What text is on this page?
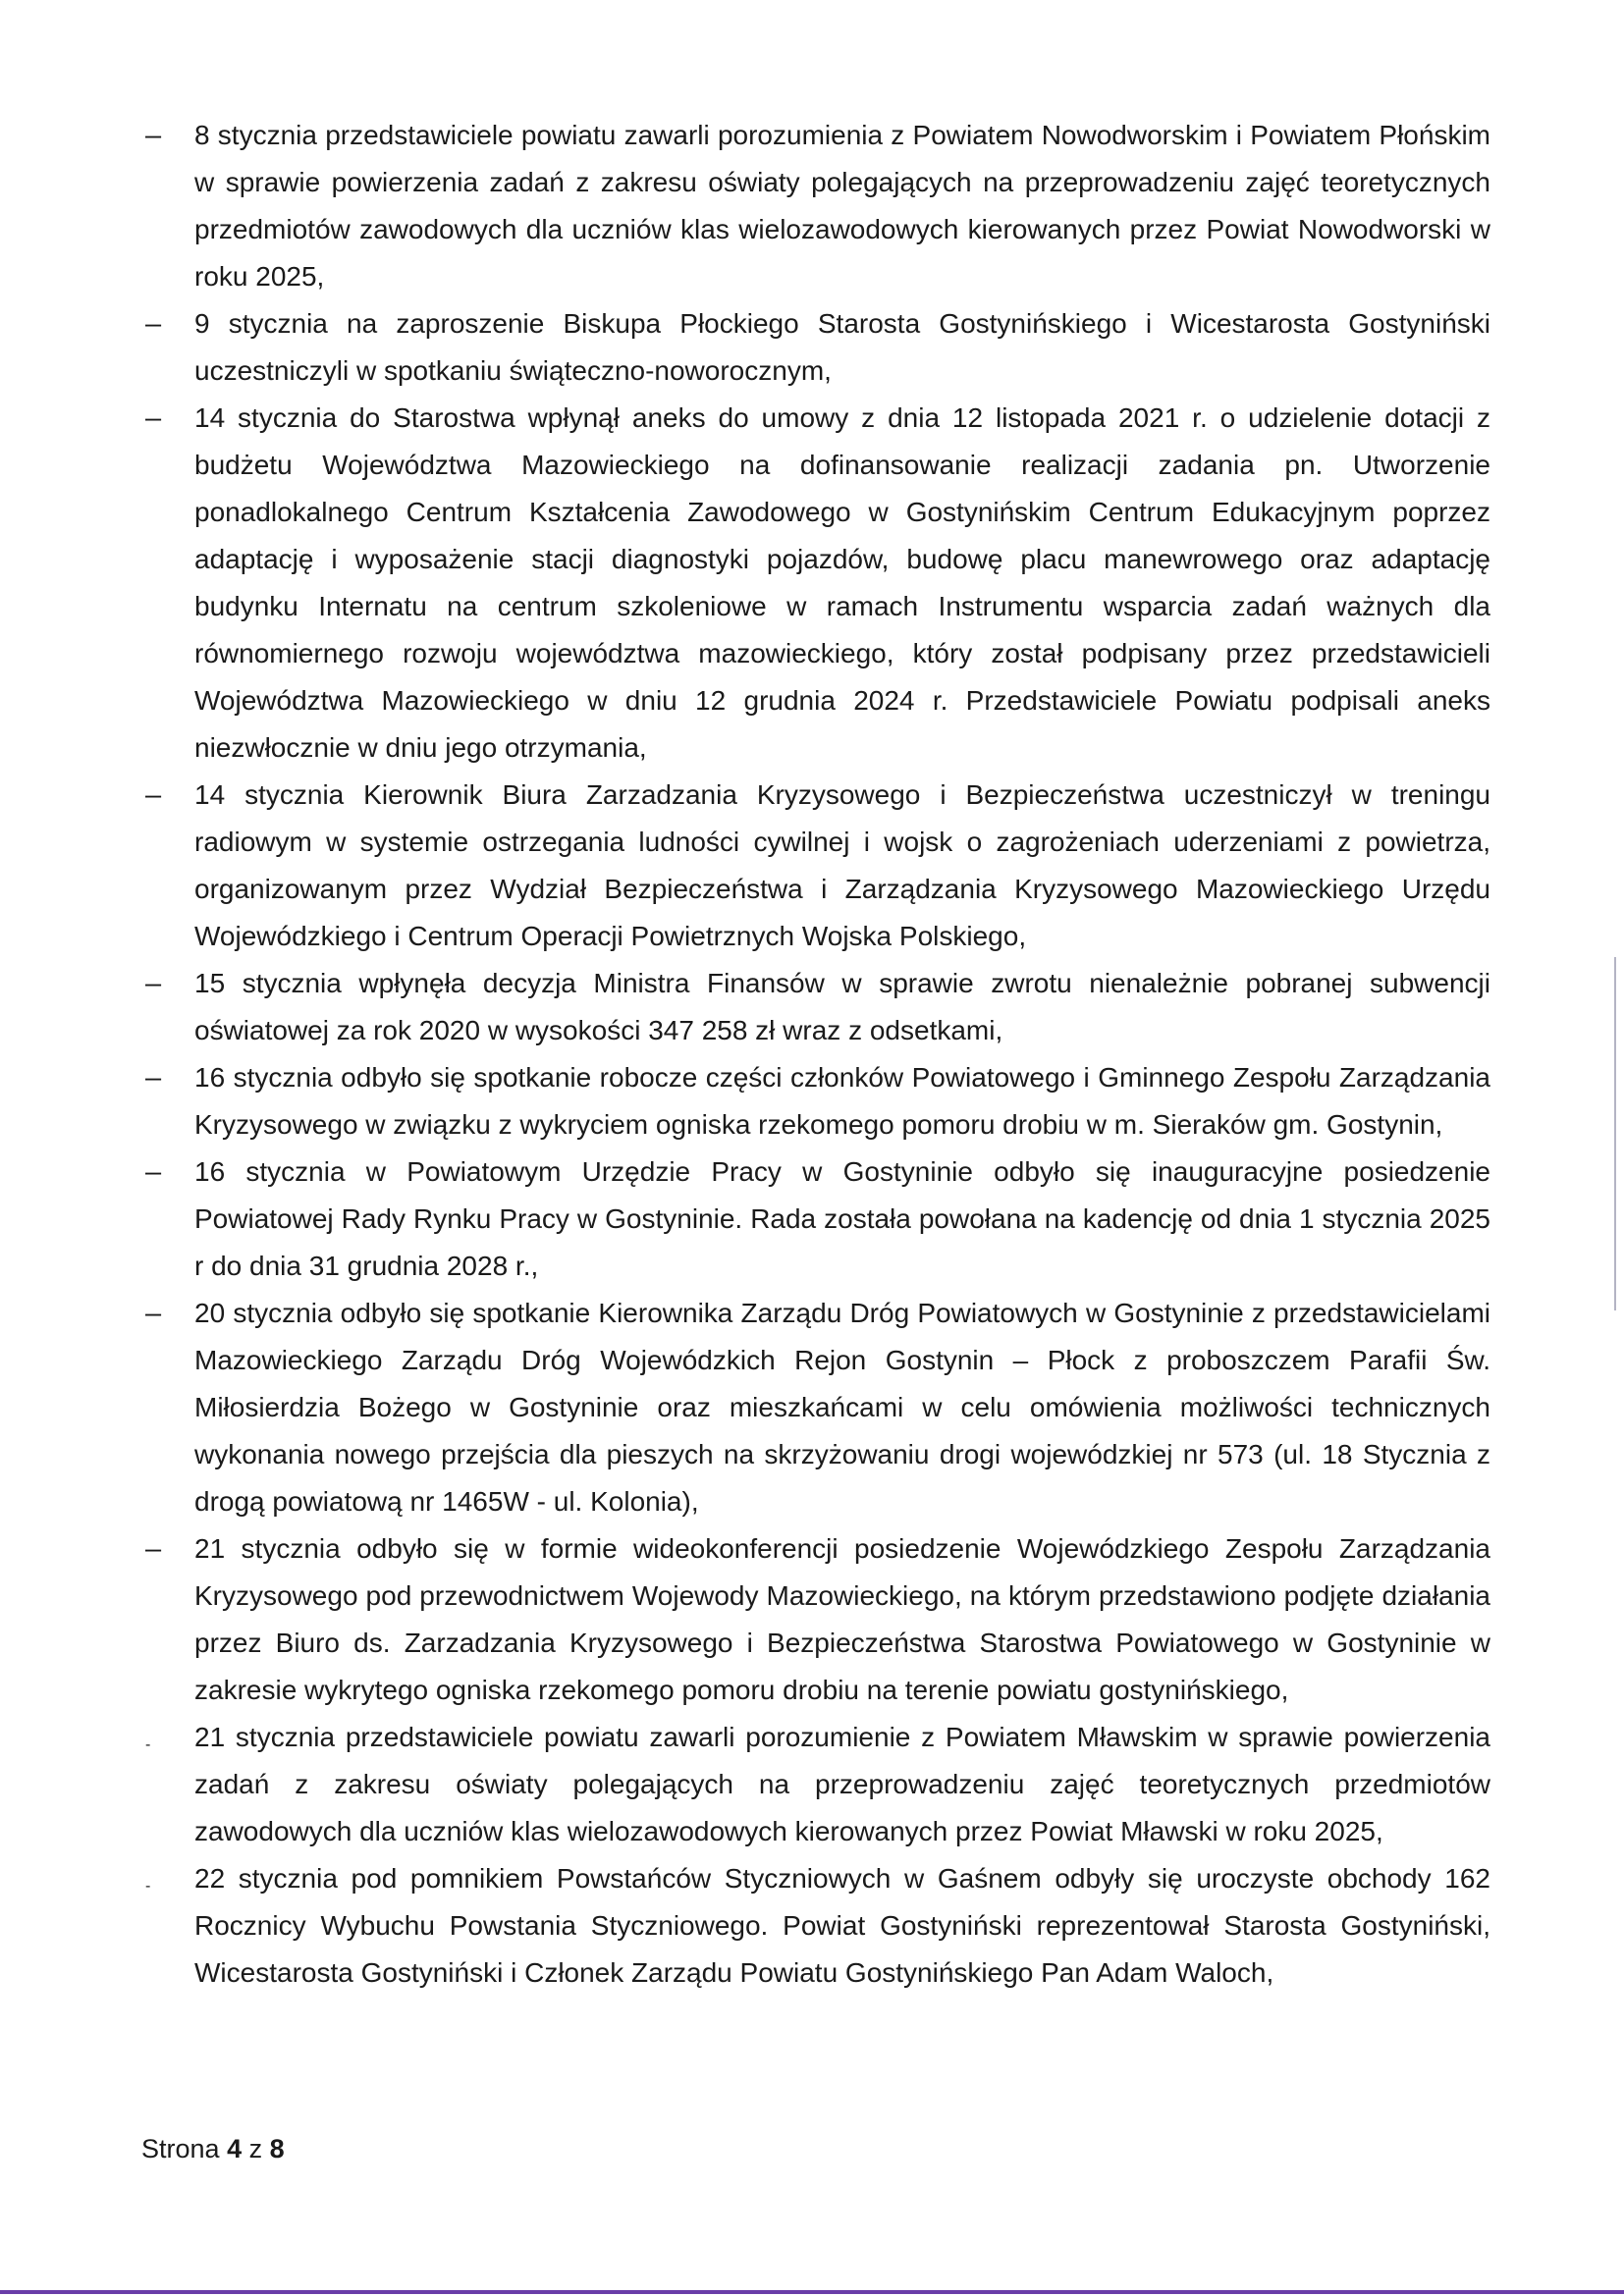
–	8 stycznia przedstawiciele powiatu zawarli porozumienia z Powiatem Nowodworskim i Powiatem Płońskim w sprawie powierzenia zadań z zakresu oświaty polegających na przeprowadzeniu zajęć teoretycznych przedmiotów zawodowych dla uczniów klas wielozawodowych kierowanych przez Powiat Nowodworski w roku 2025,
–	9 stycznia na zaproszenie Biskupa Płockiego Starosta Gostynińskiego i Wicestarosta Gostyniński uczestniczyli w spotkaniu świąteczno-noworocznym,
–	14 stycznia do Starostwa wpłynął aneks do umowy z dnia 12 listopada 2021 r. o udzielenie dotacji z budżetu Województwa Mazowieckiego na dofinansowanie realizacji zadania pn. Utworzenie ponadlokalnego Centrum Kształcenia Zawodowego w Gostynińskim Centrum Edukacyjnym poprzez adaptację i wyposażenie stacji diagnostyki pojazdów, budowę placu manewrowego oraz adaptację budynku Internatu na centrum szkoleniowe w ramach Instrumentu wsparcia zadań ważnych dla równomiernego rozwoju województwa mazowieckiego, który został podpisany przez przedstawicieli Województwa Mazowieckiego w dniu 12 grudnia 2024 r. Przedstawiciele Powiatu podpisali aneks niezwłocznie w dniu jego otrzymania,
–	14 stycznia Kierownik Biura Zarzadzania Kryzysowego i Bezpieczeństwa uczestniczył w treningu radiowym w systemie ostrzegania ludności cywilnej i wojsk o zagrożeniach uderzeniami z powietrza, organizowanym przez Wydział Bezpieczeństwa i Zarządzania Kryzysowego Mazowieckiego Urzędu Wojewódzkiego i Centrum Operacji Powietrznych Wojska Polskiego,
–	15 stycznia wpłynęła decyzja Ministra Finansów w sprawie zwrotu nienależnie pobranej subwencji oświatowej za rok 2020 w wysokości 347 258 zł wraz z odsetkami,
–	16 stycznia odbyło się spotkanie robocze części członków Powiatowego i Gminnego Zespołu Zarządzania Kryzysowego w związku z wykryciem ogniska rzekomego pomoru drobiu w m. Sieraków gm. Gostynin,
–	16 stycznia w Powiatowym Urzędzie Pracy w Gostyninie odbyło się inauguracyjne posiedzenie Powiatowej Rady Rynku Pracy w Gostyninie. Rada została powołana na kadencję od dnia 1 stycznia 2025 r do dnia 31 grudnia 2028 r.,
–	20 stycznia odbyło się spotkanie Kierownika Zarządu Dróg Powiatowych w Gostyninie z przedstawicielami Mazowieckiego Zarządu Dróg Wojewódzkich Rejon Gostynin – Płock z proboszczem Parafii Św. Miłosierdzia Bożego w Gostyninie oraz mieszkańcami w celu omówienia możliwości technicznych wykonania nowego przejścia dla pieszych na skrzyżowaniu drogi wojewódzkiej nr 573 (ul. 18 Stycznia z drogą powiatową nr 1465W - ul. Kolonia),
–	21 stycznia odbyło się w formie wideokonferencji posiedzenie Wojewódzkiego Zespołu Zarządzania Kryzysowego pod przewodnictwem Wojewody Mazowieckiego, na którym przedstawiono podjęte działania przez Biuro ds. Zarzadzania Kryzysowego i Bezpieczeństwa Starostwa Powiatowego w Gostyninie w zakresie wykrytego ogniska rzekomego pomoru drobiu na terenie powiatu gostynińskiego,
-	21 stycznia przedstawiciele powiatu zawarli porozumienie z Powiatem Mławskim w sprawie powierzenia zadań z zakresu oświaty polegających na przeprowadzeniu zajęć teoretycznych przedmiotów zawodowych dla uczniów klas wielozawodowych kierowanych przez Powiat Mławski w roku 2025,
-	22 stycznia pod pomnikiem Powstańców Styczniowych w Gaśnem odbyły się uroczyste obchody 162 Rocznicy Wybuchu Powstania Styczniowego. Powiat Gostyniński reprezentował Starosta Gostyniński, Wicestarosta Gostyniński i Członek Zarządu Powiatu Gostynińskiego Pan Adam Waloch,
Strona 4 z 8
